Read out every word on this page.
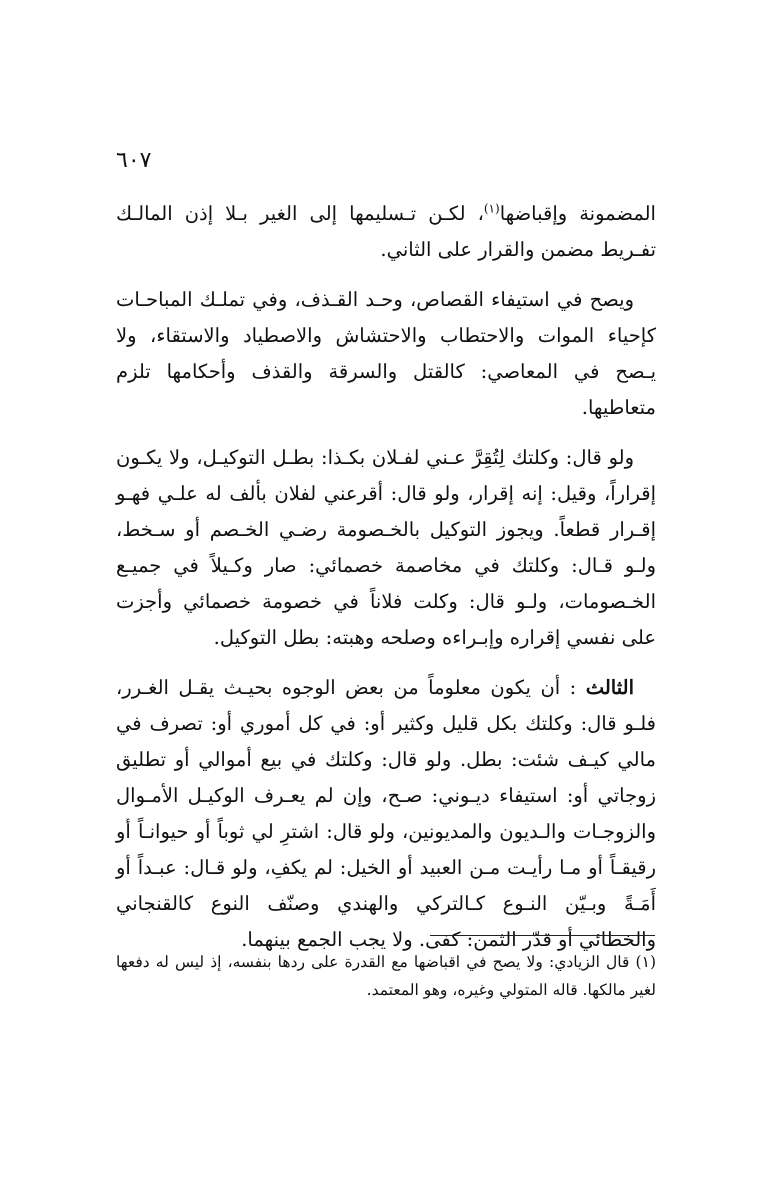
٦٠٧

المضمونة وإقباضها$^{(١)}$، لكـن تـسليمها إلى الغير بـلا إذن المالـك تفـريط مضمن والقرار على الثاني.

ويصح في استيفاء القصاص، وحـد القـذف، وفي تملـك المباحـات كإحياء الموات والاحتطاب والاحتشاش والاصطياد والاستقاء، ولا يـصح في المعاصي: كالقتل والسرقة والقذف وأحكامها تلزم متعاطيها.

ولو قال: وكلتك لِتُقِرَّ عـني لفـلان بكـذا: بطـل التوكيـل، ولا يكـون إقراراً، وقيل: إنه إقرار، ولو قال: أقرعني لفلان بألف له علـي فهـو إقـرار قطعاً. ويجوز التوكيل بالخـصومة رضـي الخـصم أو سـخط، ولـو قـال: وكلتك في مخاصمة خصمائي: صار وكـيلاً في جميـع الخـصومات، ولـو قال: وكلت فلاناً في خصومة خصمائي وأجزت على نفسي إقراره وإبـراءه وصلحه وهبته: بطل التوكيل.

الثالث : أن يكون معلوماً من بعض الوجوه بحيـث يقـل الغـرر، فلـو قال: وكلتك بكل قليل وكثير أو: في كل أموري أو: تصرف في مالي كيـف شئت: بطل. ولو قال: وكلتك في بيع أموالي أو تطليق زوجاتي أو: استيفاء ديـوني: صـح، وإن لم يعـرف الوكيـل الأمـوال والزوجـات والـديون والمديونين، ولو قال: اشترِ لي ثوباً أو حيوانـاً أو رقيقـاً أو مـا رأيـت مـن العبيد أو الخيل: لم يكفِ، ولو قـال: عبـداً أو أَمَـةً وبـيّن النـوع كـالتركي والهندي وصنّف النوع كالقنجاني والخطائي أو قدّر الثمن: كفى. ولا يجب الجمع بينهما.

(١) قال الزيادي: ولا يصح في اقباضها مع القدرة على ردها بنفسه، إذ ليس له دفعها لغير مالكها. قاله المتولي وغيره، وهو المعتمد.
